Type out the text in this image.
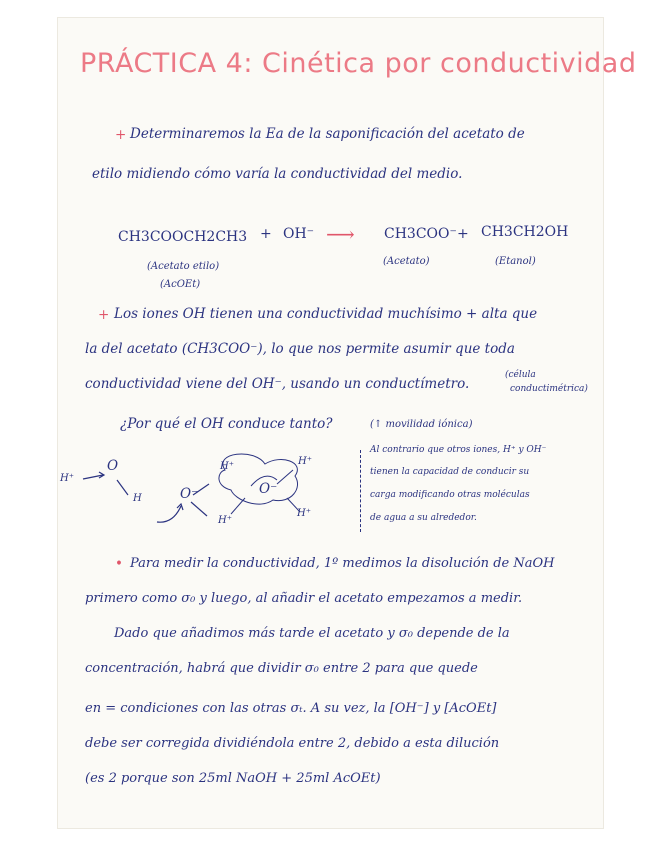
PRÁCTICA 4: Cinética por conductividad
+ Determinaremos la Ea de la saponificación del acetato de
etilo midiendo cómo varía la conductividad del medio.
CH3COOCH2CH3 + OH⁻ ⟶ CH3COO⁻ + CH3CH2OH
(Acetato etilo)
(AcOEt)
(Acetato)	(Etanol)
+ Los iones OH tienen una conductividad muchísimo + alta que
la del acetato (CH3COO⁻), lo que nos permite asumir que toda
conductividad viene del OH⁻, usando un conductímetro.
(célula
conductimétrica)
¿Por qué el OH conduce tanto?	(↑ movilidad iónica)
H⁺
O
H	O⁻
H⁺
O⁻
H⁺
H⁺
H⁺
Al contrario que otros iones, H⁺ y OH⁻
tienen la capacidad de conducir su
carga modificando otras moléculas
de agua a su alrededor.
• Para medir la conductividad, 1º medimos la disolución de NaOH
primero como σ₀ y luego, al añadir el acetato empezamos a medir.
Dado que añadimos más tarde el acetato y σ₀ depende de la
concentración, habrá que dividir σ₀ entre 2 para que quede
en = condiciones con las otras σₜ. A su vez, la [OH⁻] y [AcOEt]
debe ser corregida dividiéndola entre 2, debido a esta dilución
(es 2 porque son 25ml NaOH + 25ml AcOEt)
